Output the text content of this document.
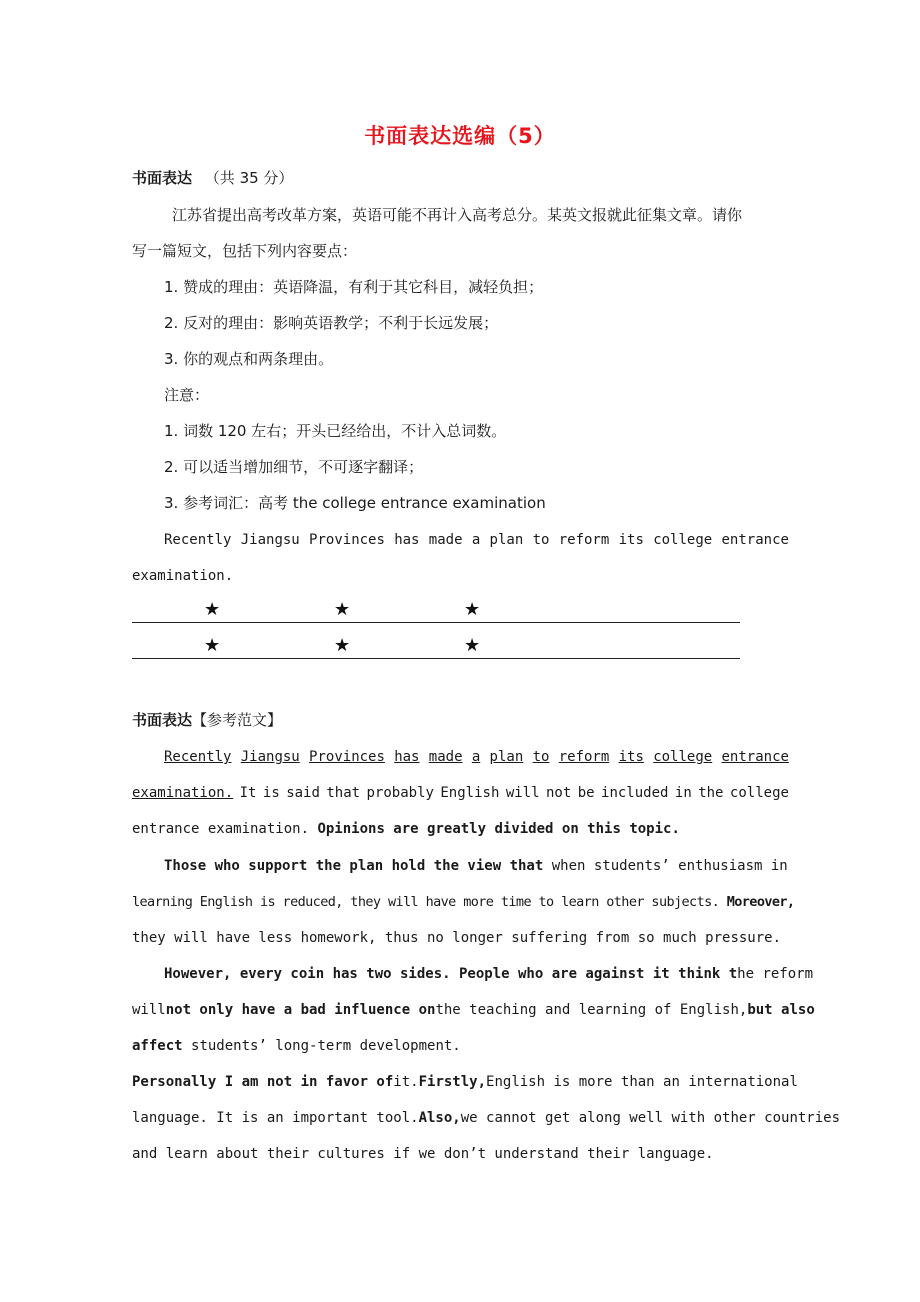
书面表达选编（5）
书面表达 （共 35 分）
江苏省提出高考改革方案，英语可能不再计入高考总分。某英文报就此征集文章。请你
写一篇短文，包括下列内容要点：
1. 赞成的理由：英语降温，有利于其它科目，减轻负担；
2. 反对的理由：影响英语教学；不利于长远发展；
3. 你的观点和两条理由。
注意：
1. 词数 120 左右；开头已经给出，不计入总词数。
2. 可以适当增加细节，不可逐字翻译；
3. 参考词汇：高考 the college entrance examination
Recently Jiangsu Provinces has made a plan to reform its college entrance
examination.
★	★	★
★	★	★
书面表达【参考范文】
Recently Jiangsu Provinces has made a plan to reform its college entrance
examination. It is said that probably English will not be included in the college
entrance examination. Opinions are greatly divided on this topic.
Those who support the plan hold the view that when students’ enthusiasm in
learning English is reduced, they will have more time to learn other subjects. Moreover,
they will have less homework, thus no longer suffering from so much pressure.
However, every coin has two sides. People who are against it think the reform
will not only have a bad influence on the teaching and learning of English, but also
affect students’ long-term development.
Personally I am not in favor of it. Firstly, English is more than an international
language. It is an important tool. Also, we cannot get along well with other countries
and learn about their cultures if we don’t understand their language.
